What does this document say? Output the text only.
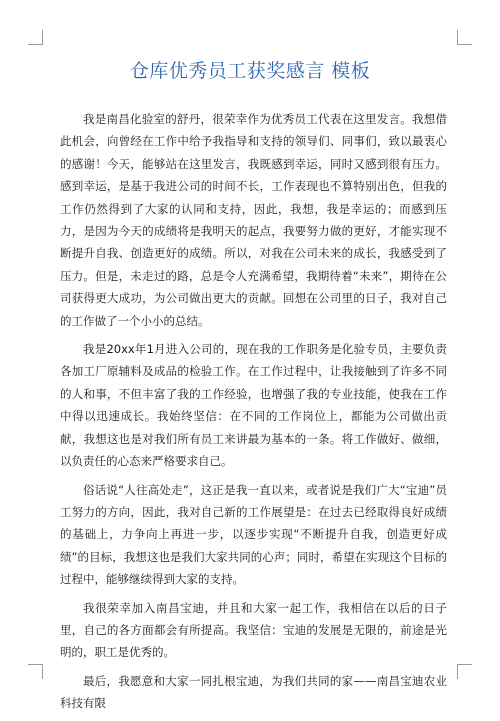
仓库优秀员工获奖感言 模板

我是南昌化验室的舒丹，很荣幸作为优秀员工代表在这里发言。我想借此机会，向曾经在工作中给予我指导和支持的领导们、同事们，致以最衷心的感谢！今天，能够站在这里发言，我既感到幸运，同时又感到很有压力。感到幸运，是基于我进公司的时间不长，工作表现也不算特别出色，但我的工作仍然得到了大家的认同和支持，因此，我想，我是幸运的；而感到压力，是因为今天的成绩将是我明天的起点，我要努力做的更好，才能实现不断提升自我、创造更好的成绩。所以，对我在公司未来的成长，我感受到了压力。但是，未走过的路，总是令人充满希望，我期待着“未来”，期待在公司获得更大成功，为公司做出更大的贡献。回想在公司里的日子，我对自己的工作做了一个小小的总结。

我是20xx年1月进入公司的，现在我的工作职务是化验专员，主要负责各加工厂原辅料及成品的检验工作。在工作过程中，让我接触到了许多不同的人和事，不但丰富了我的工作经验，也增强了我的专业技能，使我在工作中得以迅速成长。我始终坚信：在不同的工作岗位上，都能为公司做出贡献，我想这也是对我们所有员工来讲最为基本的一条。将工作做好、做细，以负责任的心态来严格要求自己。

俗话说“人往高处走”，这正是我一直以来，或者说是我们广大“宝迪”员工努力的方向，因此，我对自己新的工作展望是：在过去已经取得良好成绩的基础上，力争向上再进一步，以逐步实现“不断提升自我，创造更好成绩”的目标，我想这也是我们大家共同的心声；同时，希望在实现这个目标的过程中，能够继续得到大家的支持。

我很荣幸加入南昌宝迪，并且和大家一起工作，我相信在以后的日子里，自己的各方面都会有所提高。我坚信：宝迪的发展是无限的，前途是光明的，职工是优秀的。

最后，我愿意和大家一同扎根宝迪，为我们共同的家——南昌宝迪农业科技有限
